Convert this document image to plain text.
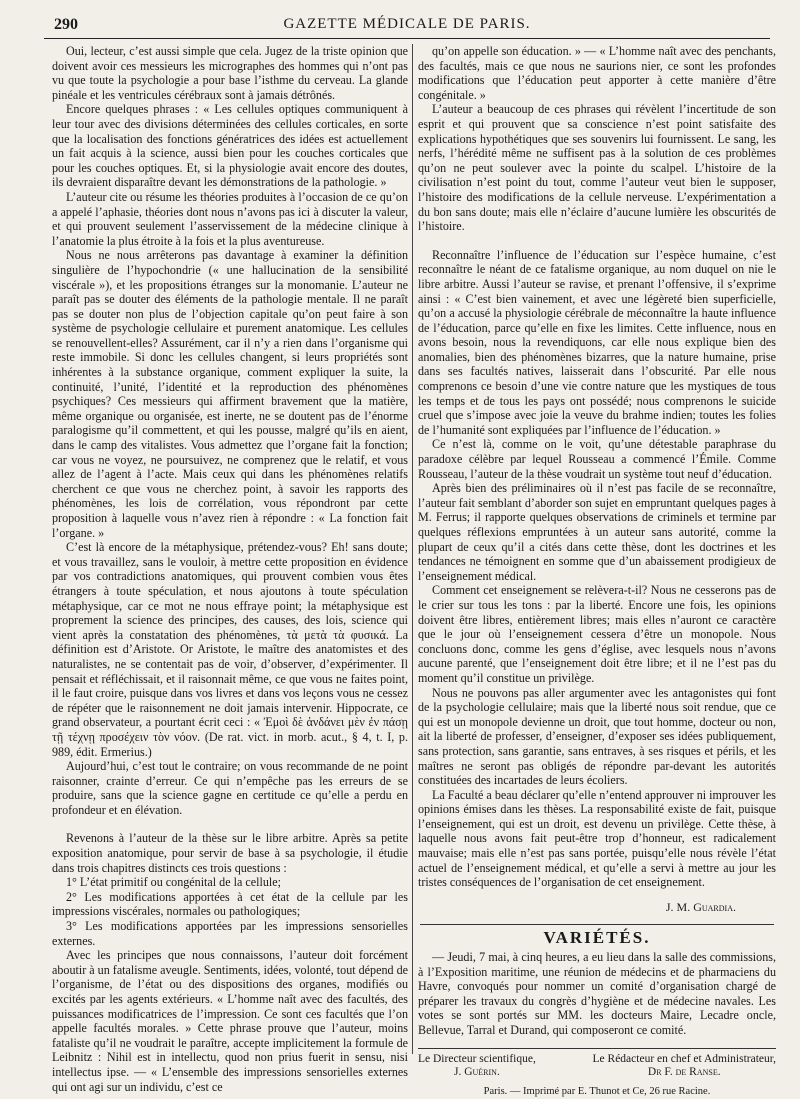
290	GAZETTE MÉDICALE DE PARIS.

Oui, lecteur, c’est aussi simple que cela. Jugez de la triste opinion que doivent avoir ces messieurs les micrographes des hommes qui n’ont pas vu que toute la psychologie a pour base l’isthme du cerveau. La glande pinéale et les ventricules cérébraux sont à jamais détrônés.

Encore quelques phrases : « Les cellules optiques communiquent à leur tour avec des divisions déterminées des cellules corticales, en sorte que la localisation des fonctions génératrices des idées est actuellement un fait acquis à la science, aussi bien pour les couches corticales que pour les couches optiques. Et, si la physiologie avait encore des doutes, ils devraient disparaître devant les démonstrations de la pathologie. »

L’auteur cite ou résume les théories produites à l’occasion de ce qu’on a appelé l’aphasie, théories dont nous n’avons pas ici à discuter la valeur, et qui prouvent seulement l’asservissement de la médecine clinique à l’anatomie la plus étroite à la fois et la plus aventureuse.

Nous ne nous arrêterons pas davantage à examiner la définition singulière de l’hypochondrie (« une hallucination de la sensibilité viscérale »), et les propositions étranges sur la monomanie. L’auteur ne paraît pas se douter des éléments de la pathologie mentale. Il ne paraît pas se douter non plus de l’objection capitale qu’on peut faire à son système de psychologie cellulaire et purement anatomique. Les cellules se renouvellent-elles? Assurément, car il n’y a rien dans l’organisme qui reste immobile. Si donc les cellules changent, si leurs propriétés sont inhérentes à la substance organique, comment expliquer la suite, la continuité, l’unité, l’identité et la reproduction des phénomènes psychiques? Ces messieurs qui affirment bravement que la matière, même organique ou organisée, est inerte, ne se doutent pas de l’énorme paralogisme qu’il commettent, et qui les pousse, malgré qu’ils en aient, dans le camp des vitalistes. Vous admettez que l’organe fait la fonction; car vous ne voyez, ne poursuivez, ne comprenez que le relatif, et vous allez de l’agent à l’acte. Mais ceux qui dans les phénomènes relatifs cherchent ce que vous ne cherchez point, à savoir les rapports des phénomènes, les lois de corrélation, vous répondront par cette proposition à laquelle vous n’avez rien à répondre : « La fonction fait l’organe. »

C’est là encore de la métaphysique, prétendez-vous? Eh! sans doute; et vous travaillez, sans le vouloir, à mettre cette proposition en évidence par vos contradictions anatomiques, qui prouvent combien vous êtes étrangers à toute spéculation, et nous ajoutons à toute spéculation métaphysique, car ce mot ne nous effraye point; la métaphysique est proprement la science des principes, des causes, des lois, science qui vient après la constatation des phénomènes, τὰ μετὰ τὰ φυσικά. La définition est d’Aristote. Or Aristote, le maître des anatomistes et des naturalistes, ne se contentait pas de voir, d’observer, d’expérimenter. Il pensait et réfléchissait, et il raisonnait même, ce que vous ne faites point, il le faut croire, puisque dans vos livres et dans vos leçons vous ne cessez de répéter que le raisonnement ne doit jamais intervenir. Hippocrate, ce grand observateur, a pourtant écrit ceci : « Ἐμοὶ δὲ ἀνδάνει μὲν ἐν πάσῃ τῇ τέχνῃ προσέχειν τὸν νόον. (De rat. vict. in morb. acut., § 4, t. I, p. 989, édit. Ermerius.)

Aujourd’hui, c’est tout le contraire; on vous recommande de ne point raisonner, crainte d’erreur. Ce qui n’empêche pas les erreurs de se produire, sans que la science gagne en certitude ce qu’elle a perdu en profondeur et en élévation.

Revenons à l’auteur de la thèse sur le libre arbitre. Après sa petite exposition anatomique, pour servir de base à sa psychologie, il étudie dans trois chapitres distincts ces trois questions :

1° L’état primitif ou congénital de la cellule;

2° Les modifications apportées à cet état de la cellule par les impressions viscérales, normales ou pathologiques;

3° Les modifications apportées par les impressions sensorielles externes.

Avec les principes que nous connaissons, l’auteur doit forcément aboutir à un fatalisme aveugle. Sentiments, idées, volonté, tout dépend de l’organisme, de l’état ou des dispositions des organes, modifiés ou excités par les agents extérieurs. « L’homme naît avec des facultés, des puissances modificatrices de l’impression. Ce sont ces facultés que l’on appelle facultés morales. » Cette phrase prouve que l’auteur, moins fataliste qu’il ne voudrait le paraître, accepte implicitement la formule de Leibnitz : Nihil est in intellectu, quod non prius fuerit in sensu, nisi intellectus ipse. — « L’ensemble des impressions sensorielles externes qui ont agi sur un individu, c’est ce

qu’on appelle son éducation. » — « L’homme naît avec des penchants, des facultés, mais ce que nous ne saurions nier, ce sont les profondes modifications que l’éducation peut apporter à cette manière d’être congénitale. »

L’auteur a beaucoup de ces phrases qui révèlent l’incertitude de son esprit et qui prouvent que sa conscience n’est point satisfaite des explications hypothétiques que ses souvenirs lui fournissent. Le sang, les nerfs, l’hérédité même ne suffisent pas à la solution de ces problèmes qu’on ne peut soulever avec la pointe du scalpel. L’histoire de la civilisation n’est point du tout, comme l’auteur veut bien le supposer, l’histoire des modifications de la cellule nerveuse. L’expérimentation a du bon sans doute; mais elle n’éclaire d’aucune lumière les obscurités de l’histoire.

Reconnaître l’influence de l’éducation sur l’espèce humaine, c’est reconnaître le néant de ce fatalisme organique, au nom duquel on nie le libre arbitre. Aussi l’auteur se ravise, et prenant l’offensive, il s’exprime ainsi : « C’est bien vainement, et avec une légèreté bien superficielle, qu’on a accusé la physiologie cérébrale de méconnaître la haute influence de l’éducation, parce qu’elle en fixe les limites. Cette influence, nous en avons besoin, nous la revendiquons, car elle nous explique bien des anomalies, bien des phénomènes bizarres, que la nature humaine, prise dans ses facultés natives, laisserait dans l’obscurité. Par elle nous comprenons ce besoin d’une vie contre nature que les mystiques de tous les temps et de tous les pays ont possédé; nous comprenons le suicide cruel que s’impose avec joie la veuve du brahme indien; toutes les folies de l’humanité sont expliquées par l’influence de l’éducation. »

Ce n’est là, comme on le voit, qu’une détestable paraphrase du paradoxe célèbre par lequel Rousseau a commencé l’Émile. Comme Rousseau, l’auteur de la thèse voudrait un système tout neuf d’éducation.

Après bien des préliminaires où il n’est pas facile de se reconnaître, l’auteur fait semblant d’aborder son sujet en empruntant quelques pages à M. Ferrus; il rapporte quelques observations de criminels et termine par quelques réflexions empruntées à un auteur sans autorité, comme la plupart de ceux qu’il a cités dans cette thèse, dont les doctrines et les tendances ne témoignent en somme que d’un abaissement prodigieux de l’enseignement médical.

Comment cet enseignement se relèvera-t-il? Nous ne cesserons pas de le crier sur tous les tons : par la liberté. Encore une fois, les opinions doivent être libres, entièrement libres; mais elles n’auront ce caractère que le jour où l’enseignement cessera d’être un monopole. Nous concluons donc, comme les gens d’église, avec lesquels nous n’avons aucune parenté, que l’enseignement doit être libre; et il ne l’est pas du moment qu’il constitue un privilège.

Nous ne pouvons pas aller argumenter avec les antagonistes qui font de la psychologie cellulaire; mais que la liberté nous soit rendue, que ce qui est un monopole devienne un droit, que tout homme, docteur ou non, ait la liberté de professer, d’enseigner, d’exposer ses idées publiquement, sans protection, sans garantie, sans entraves, à ses risques et périls, et les maîtres ne seront pas obligés de répondre par-devant les autorités constituées des incartades de leurs écoliers.

La Faculté a beau déclarer qu’elle n’entend approuver ni improuver les opinions émises dans les thèses. La responsabilité existe de fait, puisque l’enseignement, qui est un droit, est devenu un privilège. Cette thèse, à laquelle nous avons fait peut-être trop d’honneur, est radicalement mauvaise; mais elle n’est pas sans portée, puisqu’elle nous révèle l’état actuel de l’enseignement médical, et qu’elle a servi à mettre au jour les tristes conséquences de l’organisation de cet enseignement.

J. M. Guardia.
VARIÉTÉS.

— Jeudi, 7 mai, à cinq heures, a eu lieu dans la salle des commissions, à l’Exposition maritime, une réunion de médecins et de pharmaciens du Havre, convoqués pour nommer un comité d’organisation chargé de préparer les travaux du congrès d’hygiène et de médecine navales. Les votes se sont portés sur MM. les docteurs Maire, Lecadre oncle, Bellevue, Tarral et Durand, qui composeront ce comité.

Le Directeur scientifique,
J. Guérin.
Le Rédacteur en chef et Administrateur,
Dr F. de Ranse.
Paris. — Imprimé par E. Thunot et Ce, 26 rue Racine.
